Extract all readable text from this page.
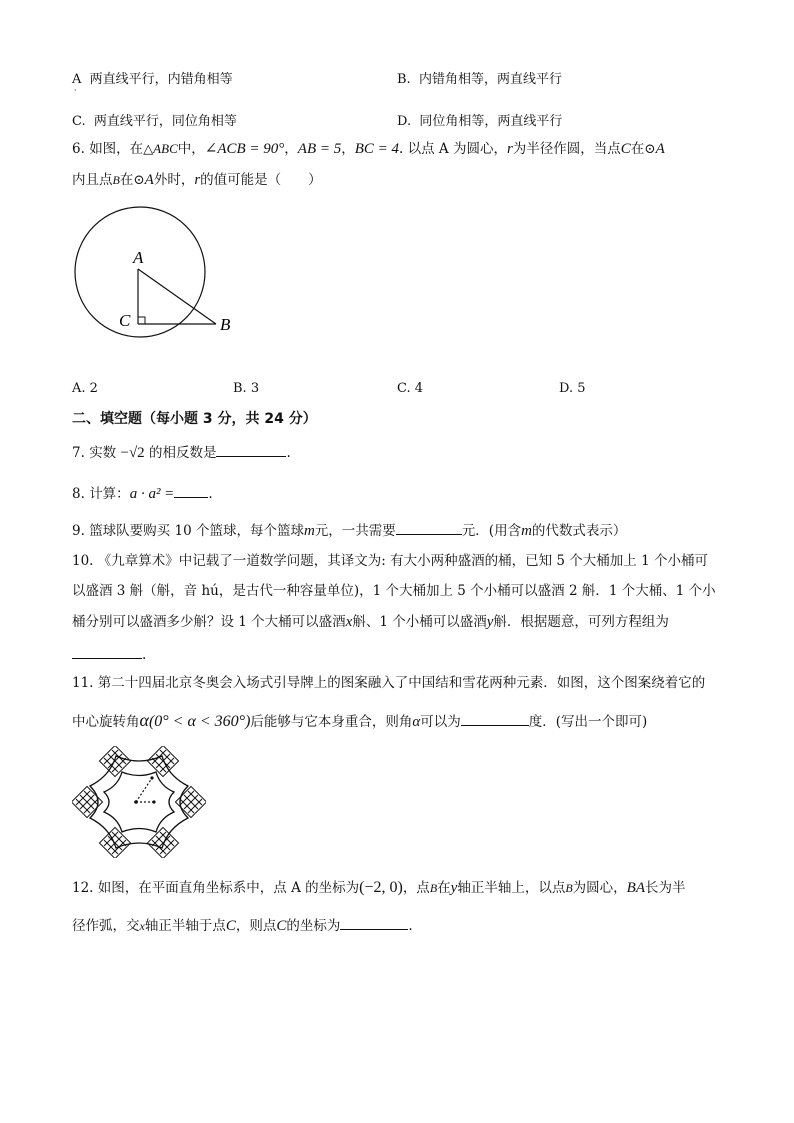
A 两直线平行，内错角相等
·
B. 内错角相等，两直线平行
C. 两直线平行，同位角相等	D. 同位角相等，两直线平行
6. 如图，在△ABC中，∠ACB = 90°，AB = 5，BC = 4. 以点 A 为圆心，r为半径作圆，当点C在⊙A
内且点B在⊙A外时，r的值可能是（　　）
A
C	B
A. 2	B. 3	C. 4	D. 5
二、填空题（每小题 3 分，共 24 分）
7. 实数 −√2 的相反数是	.
8. 计算：a · a² =	.
9. 篮球队要购买 10 个篮球，每个篮球m元，一共需要	元．(用含m的代数式表示）
10. 《九章算术》中记载了一道数学问题，其译文为: 有大小两种盛酒的桶，已知 5 个大桶加上 1 个小桶可
以盛酒 3 斛（斛，音 hú，是古代一种容量单位)，1 个大桶加上 5 个小桶可以盛酒 2 斛．1 个大桶、1 个小
桶分别可以盛酒多少斛？设 1 个大桶可以盛酒x斛、1 个小桶可以盛酒y斛．根据题意，可列方程组为
.
11. 第二十四届北京冬奥会入场式引导牌上的图案融入了中国结和雪花两种元素．如图，这个图案绕着它的
中心旋转角α(0° < α < 360°)后能够与它本身重合，则角α可以为	度．(写出一个即可)
12. 如图，在平面直角坐标系中，点 A 的坐标为(−2, 0)，点B在y轴正半轴上，以点B为圆心，BA长为半
径作弧，交x轴正半轴于点C，则点C的坐标为	.
